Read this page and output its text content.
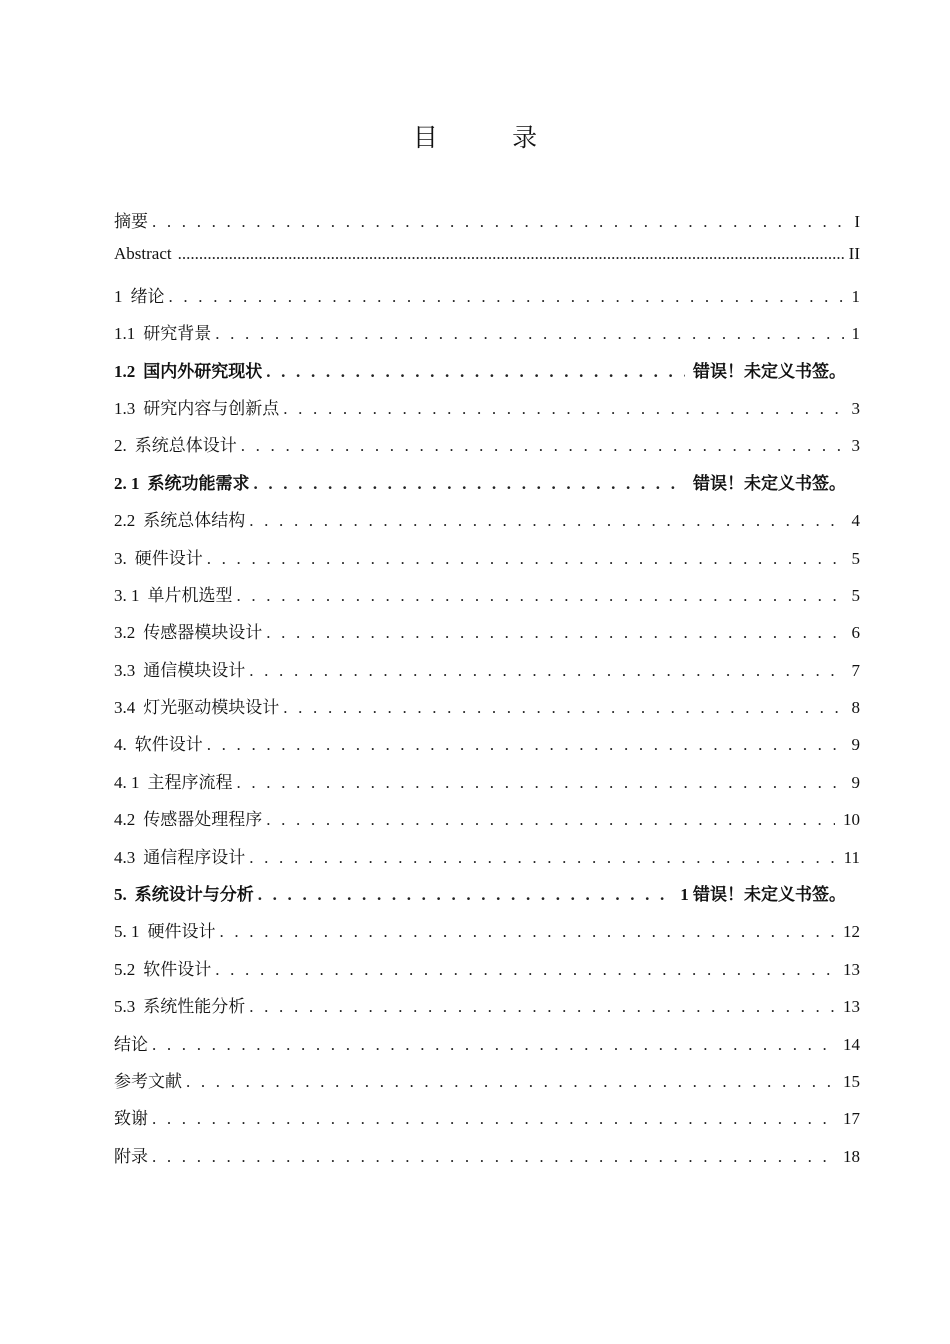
目 录
摘要 . . .	I
Abstract .....	II
1 绪论 . . .	1
1.1 研究背景 . . .	1
1.2 国内外研究现状 . . .	错误！未定义书签。
1.3 研究内容与创新点 . . .	3
2. 系统总体设计 . . .	3
2. 1 系统功能需求 . . .	错误！未定义书签。
2.2 系统总体结构 . . .	4
3. 硬件设计 . . .	5
3. 1 单片机选型 . . .	5
3.2 传感器模块设计 . . .	6
3.3 通信模块设计 . . .	7
3.4 灯光驱动模块设计 . . .	8
4. 软件设计 . . .	9
4. 1 主程序流程 . . .	9
4.2 传感器处理程序 . . .	10
4.3 通信程序设计 . . .	11
5. 系统设计与分析 . . .	1 错误！未定义书签。
5. 1 硬件设计 . . .	12
5.2 软件设计 . . .	13
5.3 系统性能分析 . . .	13
结论 . . .	14
参考文献 . . .	15
致谢 . . .	17
附录 . . .	18
